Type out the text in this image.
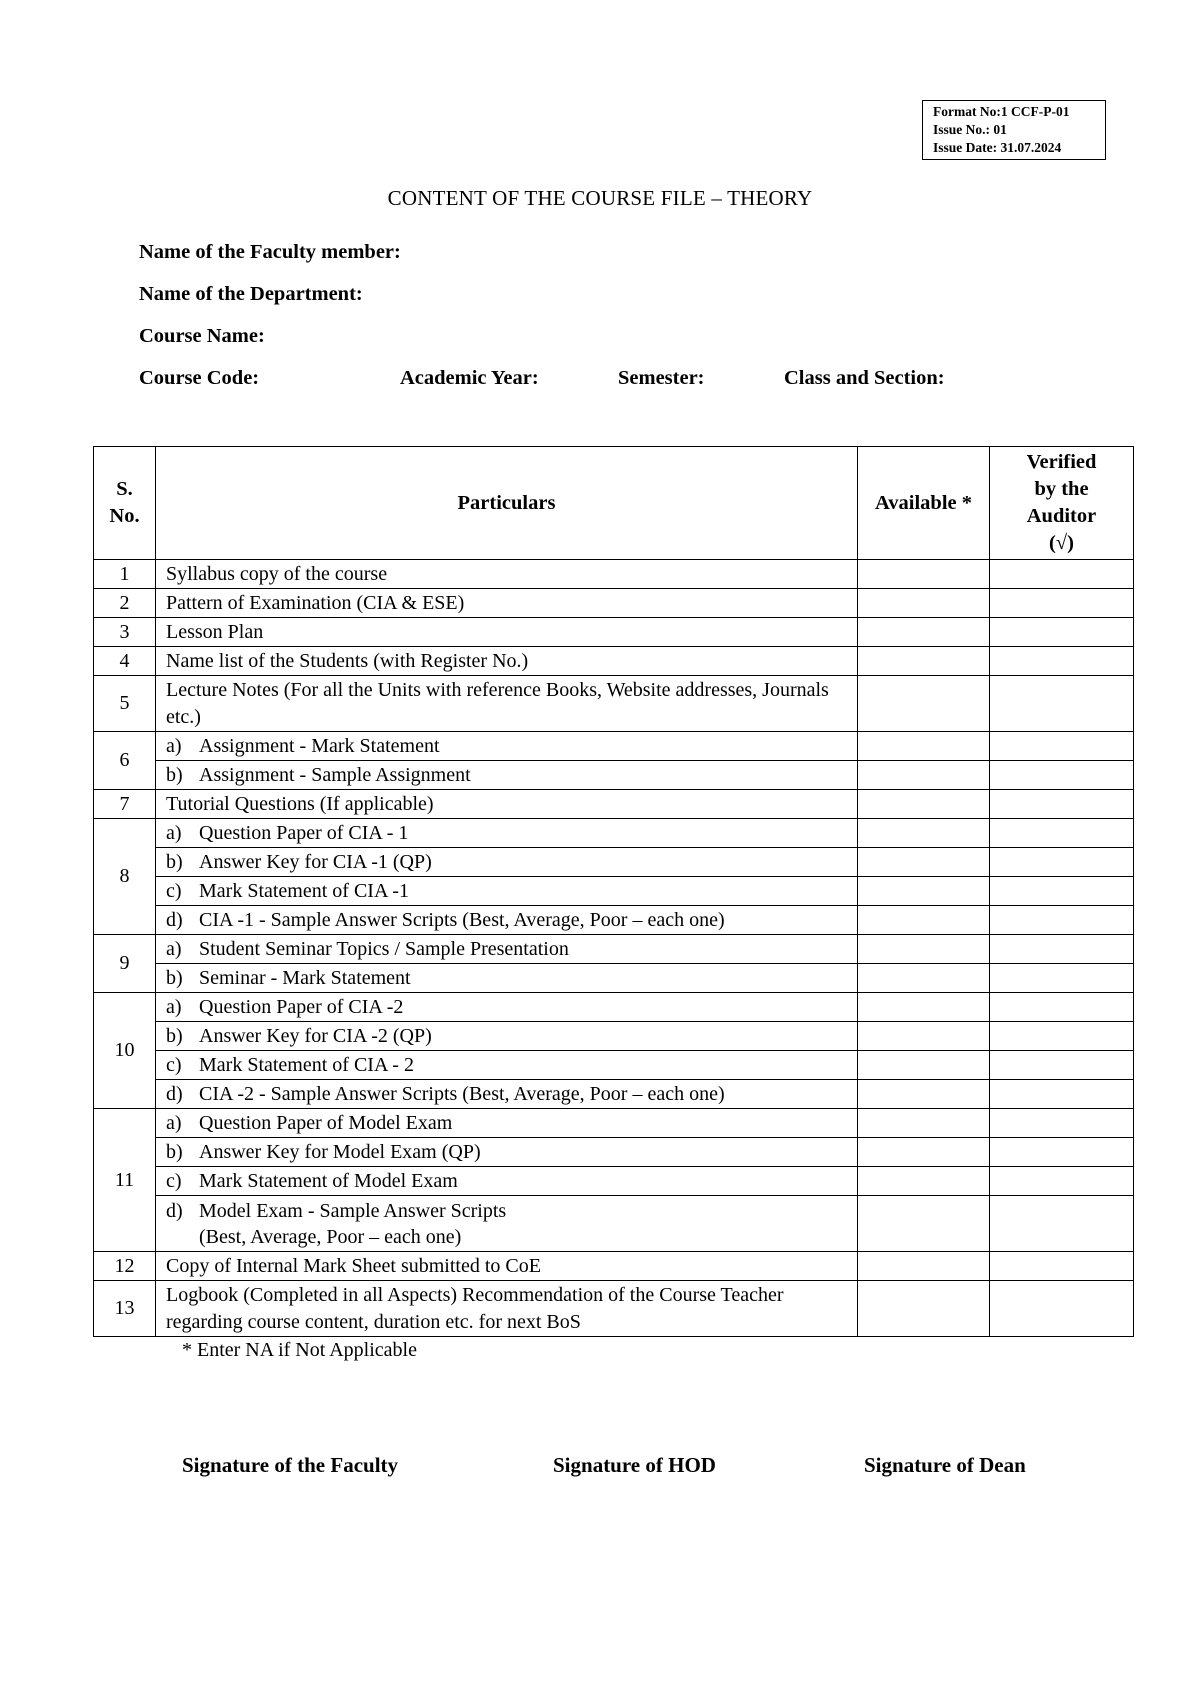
Format No:1 CCF-P-01
Issue No.: 01
Issue Date: 31.07.2024
CONTENT OF THE COURSE FILE – THEORY
Name of the Faculty member:
Name of the Department:
Course Name:
Course Code:	Academic Year:	Semester:	Class and Section:
S. No.	Particulars	Available *	Verified by the Auditor (√)

1	Syllabus copy of the course		
2	Pattern of Examination (CIA & ESE)		
3	Lesson Plan		
4	Name list of the Students (with Register No.)		
5	Lecture Notes (For all the Units with reference Books, Website addresses, Journals etc.)		
6	a) Assignment - Mark Statement		
	b) Assignment - Sample Assignment		
7	Tutorial Questions (If applicable)		
8	a) Question Paper of CIA - 1		
	b) Answer Key for CIA -1 (QP)		
	c) Mark Statement of CIA -1		
	d) CIA -1 - Sample Answer Scripts (Best, Average, Poor – each one)		
9	a) Student Seminar Topics / Sample Presentation		
	b) Seminar - Mark Statement		
10	a) Question Paper of CIA -2		
	b) Answer Key for CIA -2 (QP)		
	c) Mark Statement of CIA - 2		
	d) CIA -2 - Sample Answer Scripts (Best, Average, Poor – each one)		
11	a) Question Paper of Model Exam		
	b) Answer Key for Model Exam (QP)		
	c) Mark Statement of Model Exam		
	d) Model Exam - Sample Answer Scripts
(Best, Average, Poor – each one)		
12	Copy of Internal Mark Sheet submitted to CoE		
13	Logbook (Completed in all Aspects) Recommendation of the Course Teacher regarding course content, duration etc. for next BoS		
* Enter NA if Not Applicable
Signature of the Faculty	Signature of HOD	Signature of Dean
